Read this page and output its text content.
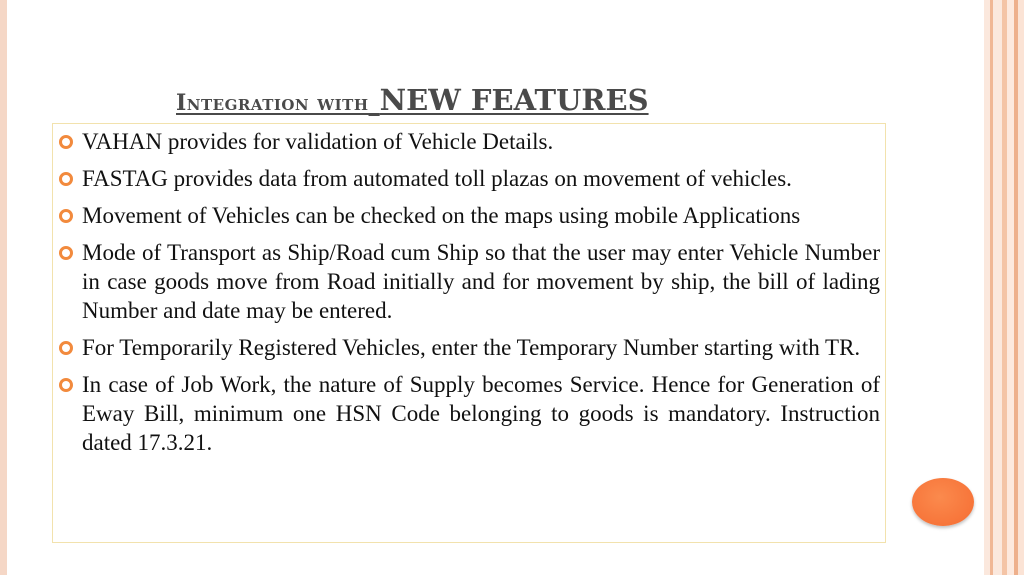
Integration with NEW FEATURES
VAHAN provides for validation of Vehicle Details.
FASTAG provides data from automated toll plazas on movement of vehicles.
Movement of Vehicles can be checked on the maps using mobile Applications
Mode of Transport as Ship/Road cum Ship so that the user may enter Vehicle Number in case goods move from Road initially and for movement by ship, the bill of lading Number and date may be entered.
For Temporarily Registered Vehicles, enter the Temporary Number starting with TR.
In case of Job Work, the nature of Supply becomes Service. Hence for Generation of Eway Bill, minimum one HSN Code belonging to goods is mandatory. Instruction dated 17.3.21.
